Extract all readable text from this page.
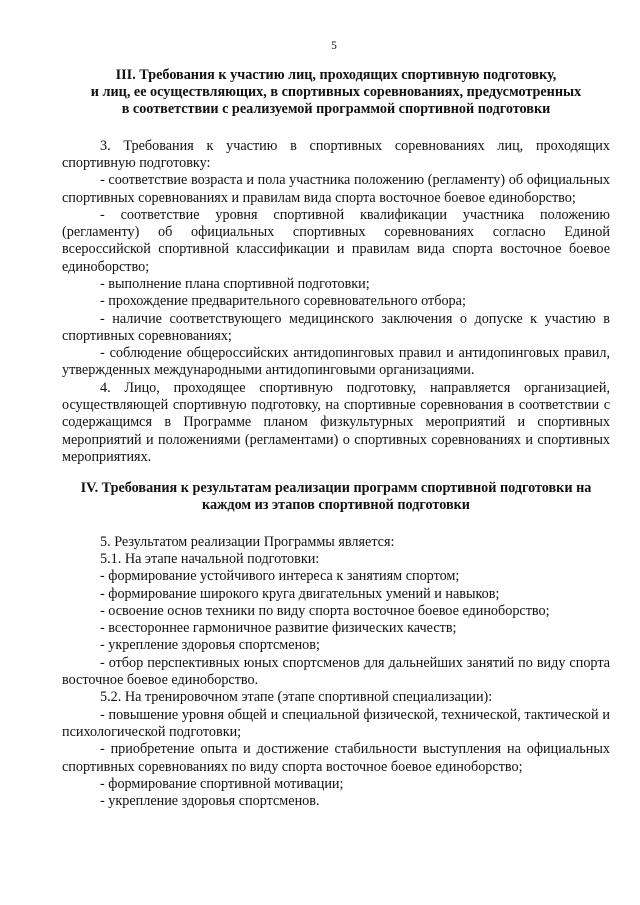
5
III. Требования к участию лиц, проходящих спортивную подготовку,
и лиц, ее осуществляющих, в спортивных соревнованиях, предусмотренных
в соответствии с реализуемой программой спортивной подготовки

3. Требования к участию в спортивных соревнованиях лиц, проходящих спортивную подготовку:

- соответствие возраста и пола участника положению (регламенту) об официальных спортивных соревнованиях и правилам вида спорта восточное боевое единоборство;

- соответствие уровня спортивной квалификации участника положению (регламенту) об официальных спортивных соревнованиях согласно Единой всероссийской спортивной классификации и правилам вида спорта восточное боевое единоборство;

- выполнение плана спортивной подготовки;

- прохождение предварительного соревновательного отбора;

- наличие соответствующего медицинского заключения о допуске к участию в спортивных соревнованиях;

- соблюдение общероссийских антидопинговых правил и антидопинговых правил, утвержденных международными антидопинговыми организациями.

4. Лицо, проходящее спортивную подготовку, направляется организацией, осуществляющей спортивную подготовку, на спортивные соревнования в соответствии с содержащимся в Программе планом физкультурных мероприятий и спортивных мероприятий и положениями (регламентами) о спортивных соревнованиях и спортивных мероприятиях.

IV. Требования к результатам реализации программ спортивной подготовки на
каждом из этапов спортивной подготовки

5. Результатом реализации Программы является:

5.1. На этапе начальной подготовки:

- формирование устойчивого интереса к занятиям спортом;

- формирование широкого круга двигательных умений и навыков;

- освоение основ техники по виду спорта восточное боевое единоборство;

- всестороннее гармоничное развитие физических качеств;

- укрепление здоровья спортсменов;

- отбор перспективных юных спортсменов для дальнейших занятий по виду спорта восточное боевое единоборство.

5.2. На тренировочном этапе (этапе спортивной специализации):

- повышение уровня общей и специальной физической, технической, тактической и психологической подготовки;

- приобретение опыта и достижение стабильности выступления на официальных спортивных соревнованиях по виду спорта восточное боевое единоборство;

- формирование спортивной мотивации;

- укрепление здоровья спортсменов.
